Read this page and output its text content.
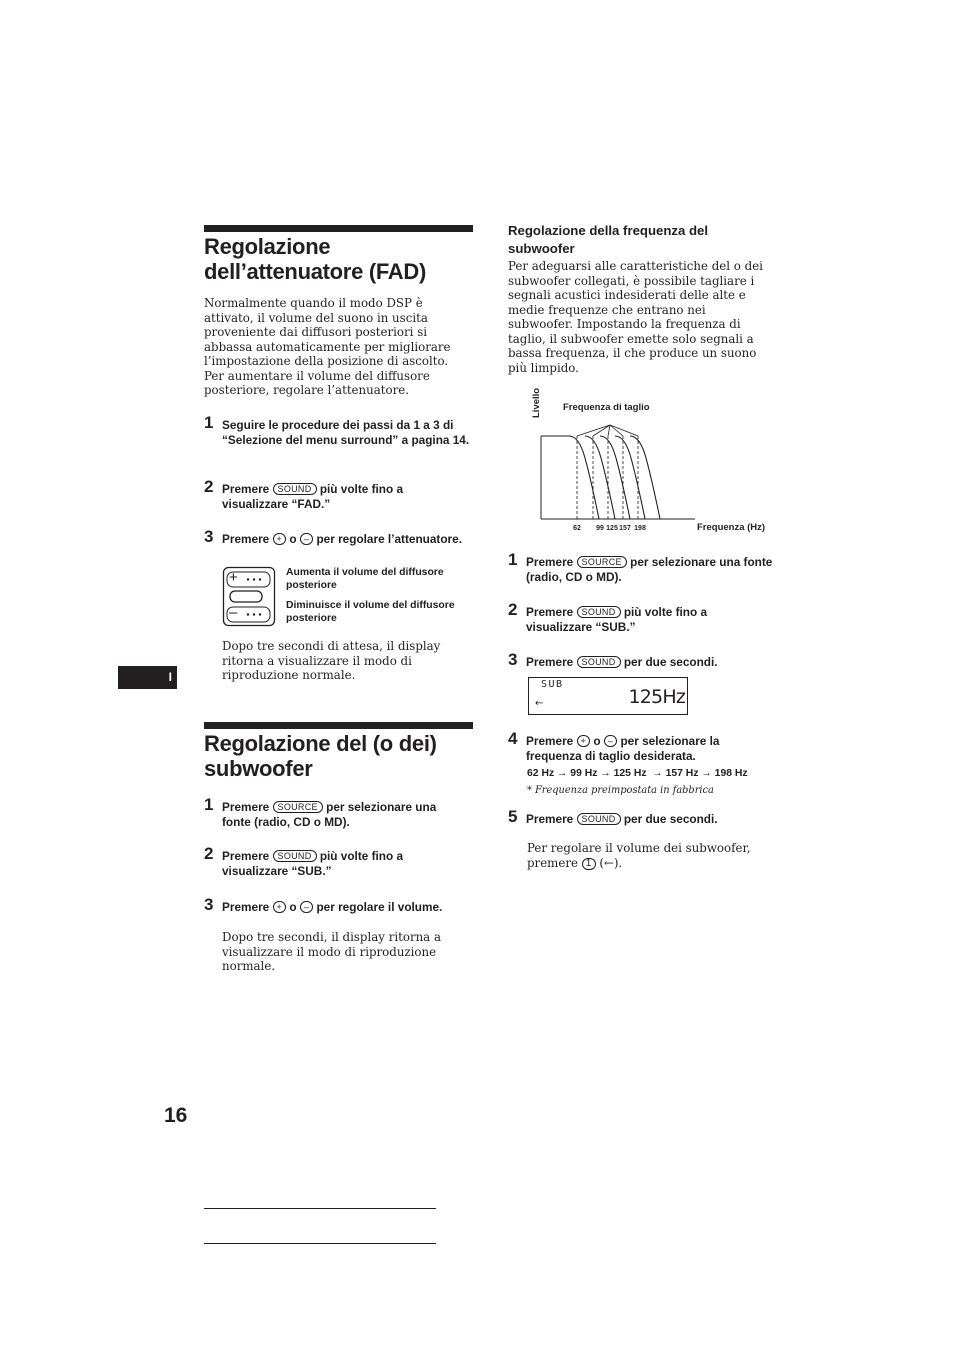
Regolazione
dell’attenuatore (FAD)

Normalmente quando il modo DSP è attivato, il volume del suono in uscita proveniente dai diffusori posteriori si abbassa automaticamente per migliorare l’impostazione della posizione di ascolto. Per aumentare il volume del diffusore posteriore, regolare l’attenuatore.

1 Seguire le procedure dei passi da 1 a 3 di “Selezione del menu surround” a pagina 14.
2 Premere SOUND più volte fino a visualizzare “FAD.”
3 Premere + o – per regolare l’attenuatore.
+
–
Aumenta il volume del diffusore posteriore
Diminuisce il volume del diffusore posteriore

Dopo tre secondi di attesa, il display ritorna a visualizzare il modo di riproduzione normale.

I
Regolazione del (o dei)
subwoofer
1 Premere SOURCE per selezionare una fonte (radio, CD o MD).
2 Premere SOUND più volte fino a visualizzare “SUB.”
3 Premere + o – per regolare il volume.

Dopo tre secondi, il display ritorna a visualizzare il modo di riproduzione normale.

16
Regolazione della frequenza del subwoofer

Per adeguarsi alle caratteristiche del o dei subwoofer collegati, è possibile tagliare i segnali acustici indesiderati delle alte e medie frequenze che entrano nei subwoofer. Impostando la frequenza di taglio, il subwoofer emette solo segnali a bassa frequenza, il che produce un suono più limpido.

Livello Frequenza di taglio
Frequenza (Hz)
62 99 125 157 198
1 Premere SOURCE per selezionare una fonte (radio, CD o MD).
2 Premere SOUND più volte fino a visualizzare “SUB.”
3 Premere SOUND per due secondi.
SUB
125Hz
←
4 Premere + o – per selezionare la frequenza di taglio desiderata.
62 Hz → 99 Hz → 125 Hz  → 157 Hz → 198 Hz
* Frequenza preimpostata in fabbrica
5 Premere SOUND per due secondi.

Per regolare il volume dei subwoofer, premere 1 (←).
